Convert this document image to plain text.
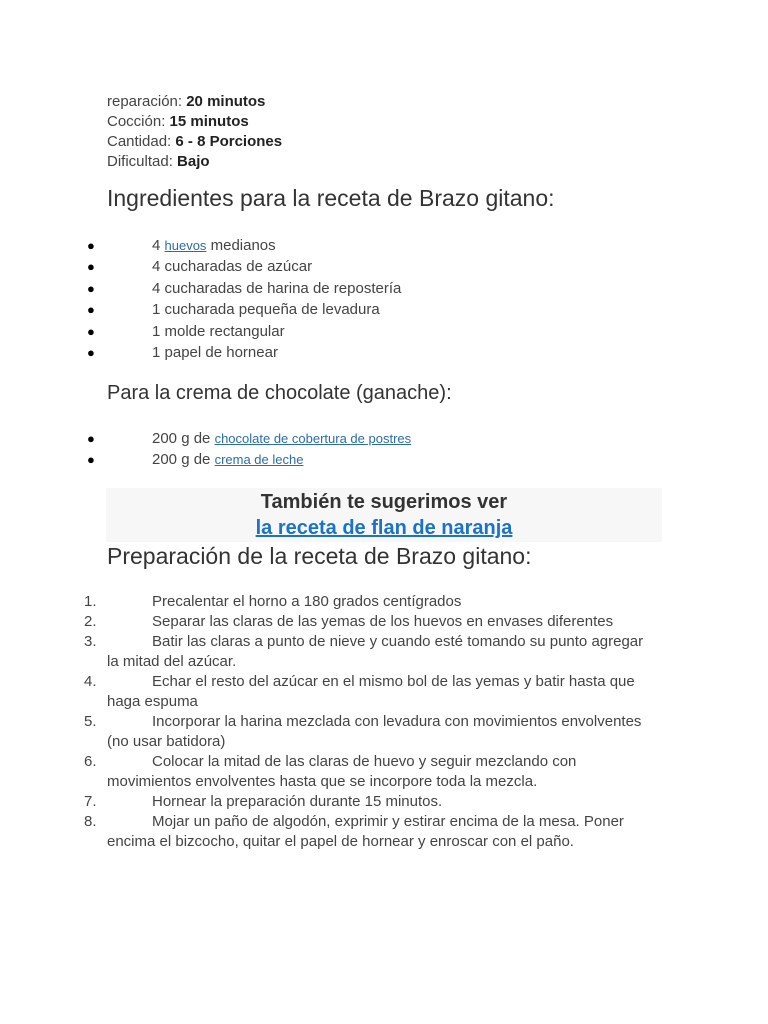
reparación: 20 minutos
Cocción: 15 minutos
Cantidad: 6 - 8 Porciones
Dificultad: Bajo
Ingredientes para la receta de Brazo gitano:
●	4 huevos medianos
●	4 cucharadas de azúcar
●	4 cucharadas de harina de repostería
●	1 cucharada pequeña de levadura
●	1 molde rectangular
●	1 papel de hornear
Para la crema de chocolate (ganache):
●	200 g de chocolate de cobertura de postres
●	200 g de crema de leche
También te sugerimos ver
la receta de flan de naranja
Preparación de la receta de Brazo gitano:
1.	Precalentar el horno a 180 grados centígrados
2.	Separar las claras de las yemas de los huevos en envases diferentes
3.	Batir las claras a punto de nieve y cuando esté tomando su punto agregar la mitad del azúcar.
4.	Echar el resto del azúcar en el mismo bol de las yemas y batir hasta que haga espuma
5.	Incorporar la harina mezclada con levadura con movimientos envolventes (no usar batidora)
6.	Colocar la mitad de las claras de huevo y seguir mezclando con movimientos envolventes hasta que se incorpore toda la mezcla.
7.	Hornear la preparación durante 15 minutos.
8.	Mojar un paño de algodón, exprimir y estirar encima de la mesa. Poner encima el bizcocho, quitar el papel de hornear y enroscar con el paño.
